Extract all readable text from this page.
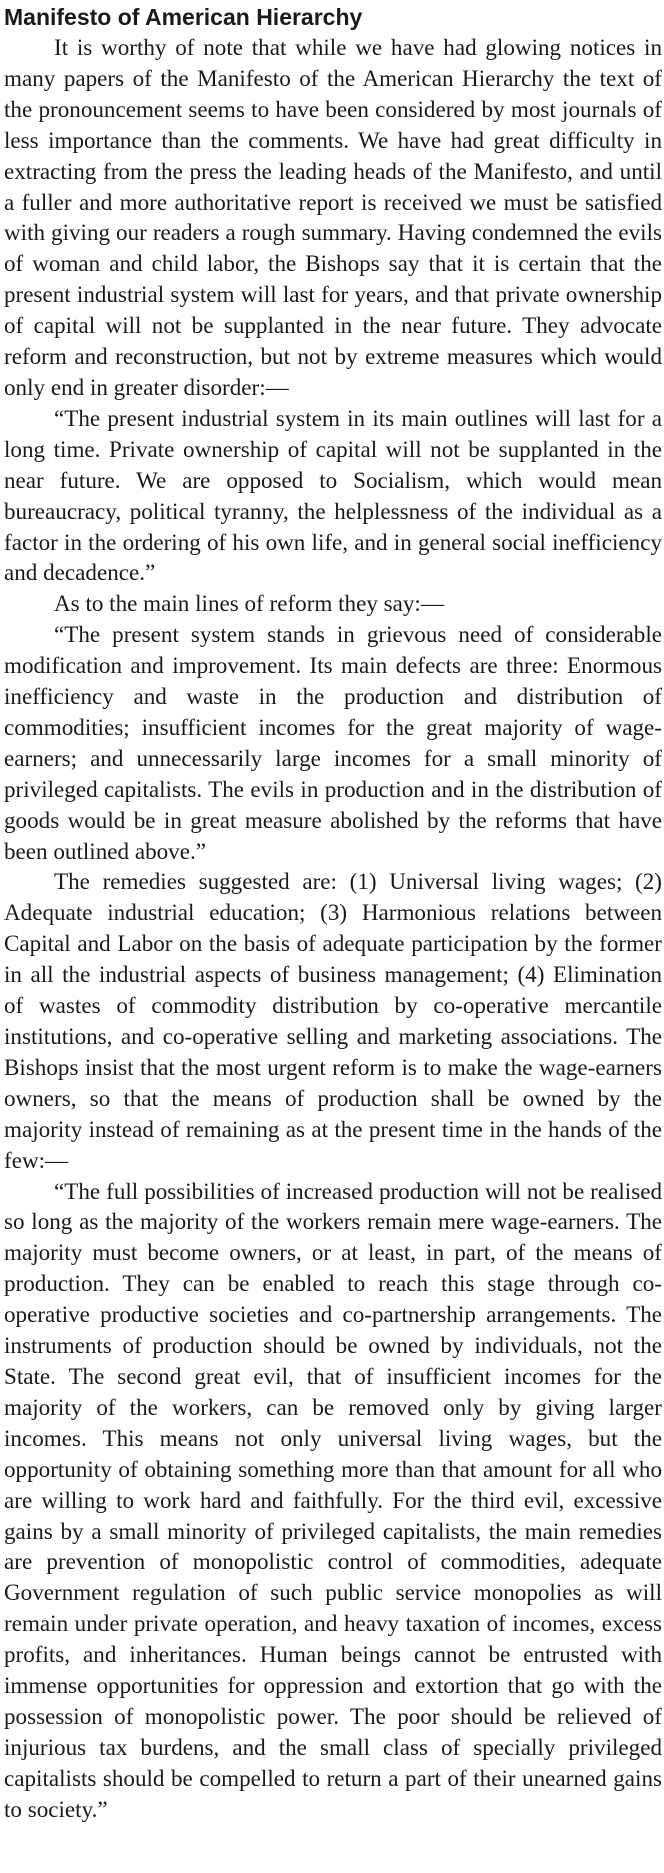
Manifesto of American Hierarchy

It is worthy of note that while we have had glowing notices in many papers of the Manifesto of the American Hierarchy the text of the pronouncement seems to have been considered by most journals of less importance than the comments. We have had great difficulty in extracting from the press the leading heads of the Manifesto, and until a fuller and more authoritative report is received we must be satisfied with giving our readers a rough summary. Having condemned the evils of woman and child labor, the Bishops say that it is certain that the present industrial system will last for years, and that private ownership of capital will not be supplanted in the near future. They advocate reform and reconstruction, but not by extreme measures which would only end in greater disorder:—

“The present industrial system in its main outlines will last for a long time. Private ownership of capital will not be supplanted in the near future. We are opposed to Socialism, which would mean bureaucracy, political tyranny, the helplessness of the individual as a factor in the ordering of his own life, and in general social inefficiency and decadence.”

As to the main lines of reform they say:—

“The present system stands in grievous need of considerable modification and improvement. Its main defects are three: Enormous inefficiency and waste in the production and distribution of commodities; insufficient incomes for the great majority of wage-earners; and unnecessarily large incomes for a small minority of privileged capitalists. The evils in production and in the distribution of goods would be in great measure abolished by the reforms that have been outlined above.”

The remedies suggested are: (1) Universal living wages; (2) Adequate industrial education; (3) Harmonious relations between Capital and Labor on the basis of adequate participation by the former in all the industrial aspects of business management; (4) Elimination of wastes of commodity distribution by co-operative mercantile institutions, and co-operative selling and marketing associations. The Bishops insist that the most urgent reform is to make the wage-earners owners, so that the means of production shall be owned by the majority instead of remaining as at the present time in the hands of the few:—

“The full possibilities of increased production will not be realised so long as the majority of the workers remain mere wage-earners. The majority must become owners, or at least, in part, of the means of production. They can be enabled to reach this stage through co-operative productive societies and co-partnership arrangements. The instruments of production should be owned by individuals, not the State. The second great evil, that of insufficient incomes for the majority of the workers, can be removed only by giving larger incomes. This means not only universal living wages, but the opportunity of obtaining something more than that amount for all who are willing to work hard and faithfully. For the third evil, excessive gains by a small minority of privileged capitalists, the main remedies are prevention of monopolistic control of commodities, adequate Government regulation of such public service monopolies as will remain under private operation, and heavy taxation of incomes, excess profits, and inheritances. Human beings cannot be entrusted with immense opportunities for oppression and extortion that go with the possession of monopolistic power. The poor should be relieved of injurious tax burdens, and the small class of specially privileged capitalists should be compelled to return a part of their unearned gains to society.”
